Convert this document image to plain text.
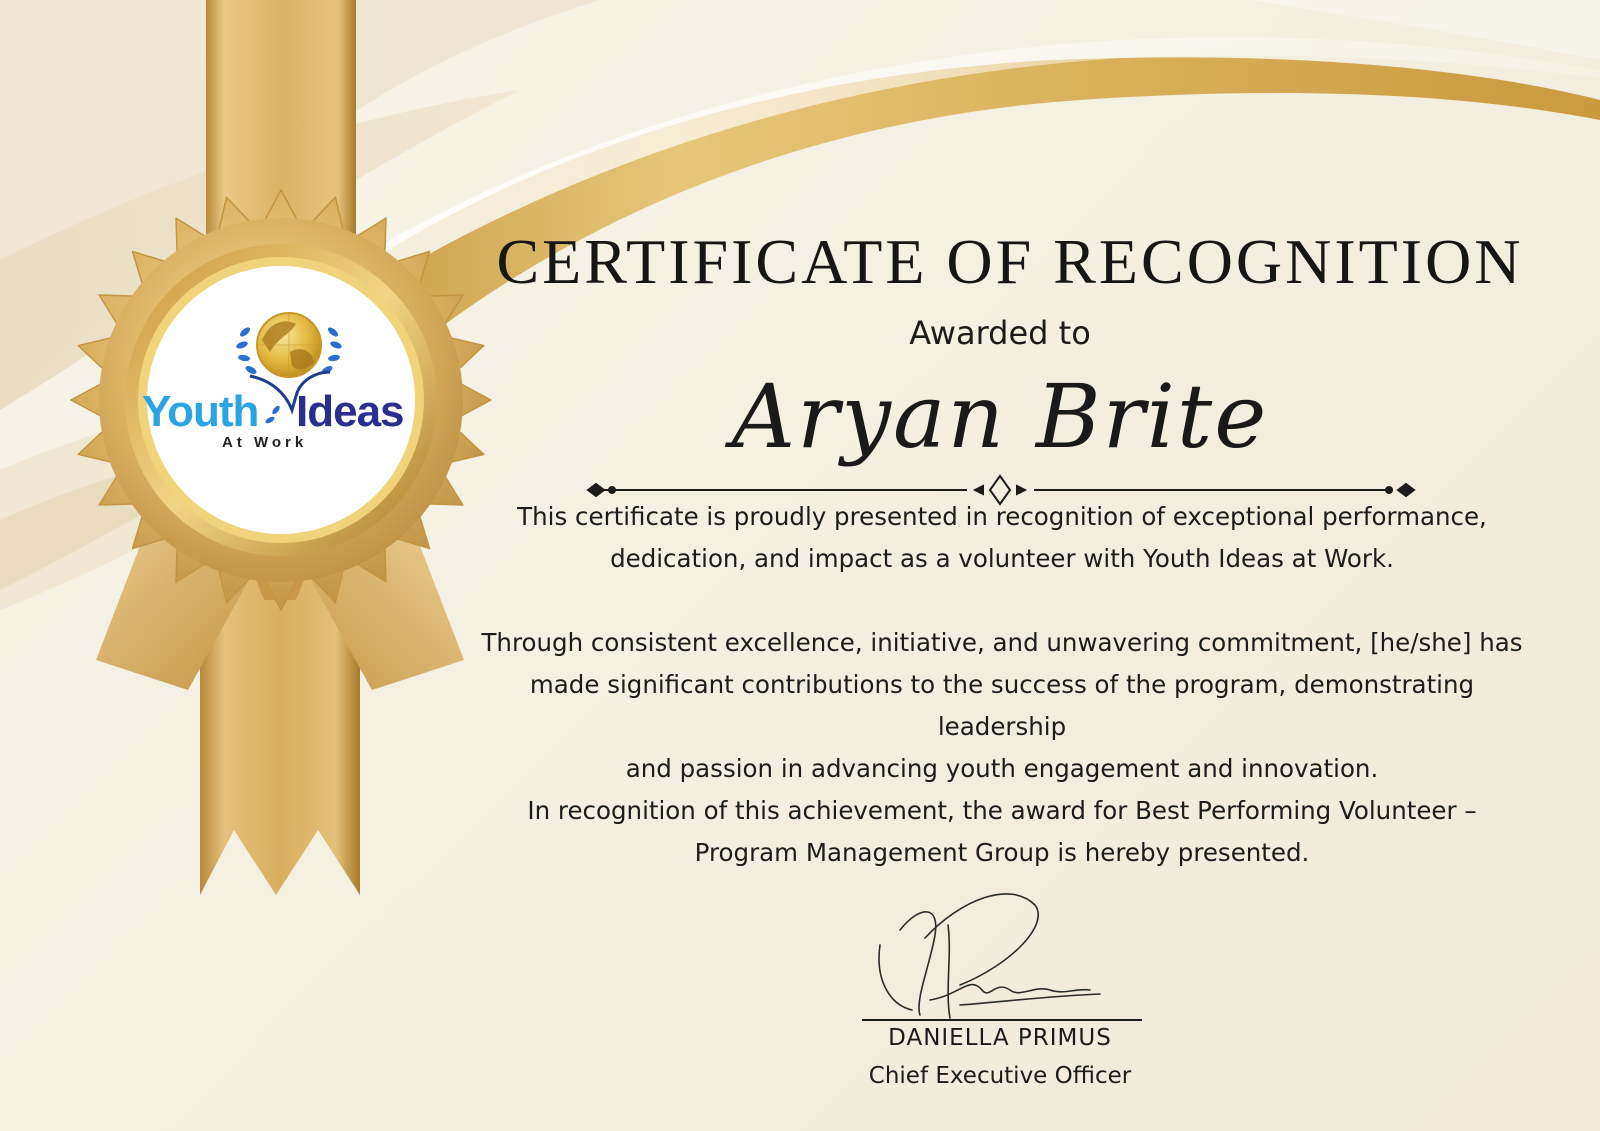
Youth Ideas
At Work
CERTIFICATE OF RECOGNITION
Awarded to
Aryan Brite

This certificate is proudly presented in recognition of exceptional performance,
dedication, and impact as a volunteer with Youth Ideas at Work.

Through consistent excellence, initiative, and unwavering commitment, [he/she] has
made significant contributions to the success of the program, demonstrating leadership
and passion in advancing youth engagement and innovation.

In recognition of this achievement, the award for Best Performing Volunteer –
Program Management Group is hereby presented.

DANIELLA PRIMUS
Chief Executive Officer
